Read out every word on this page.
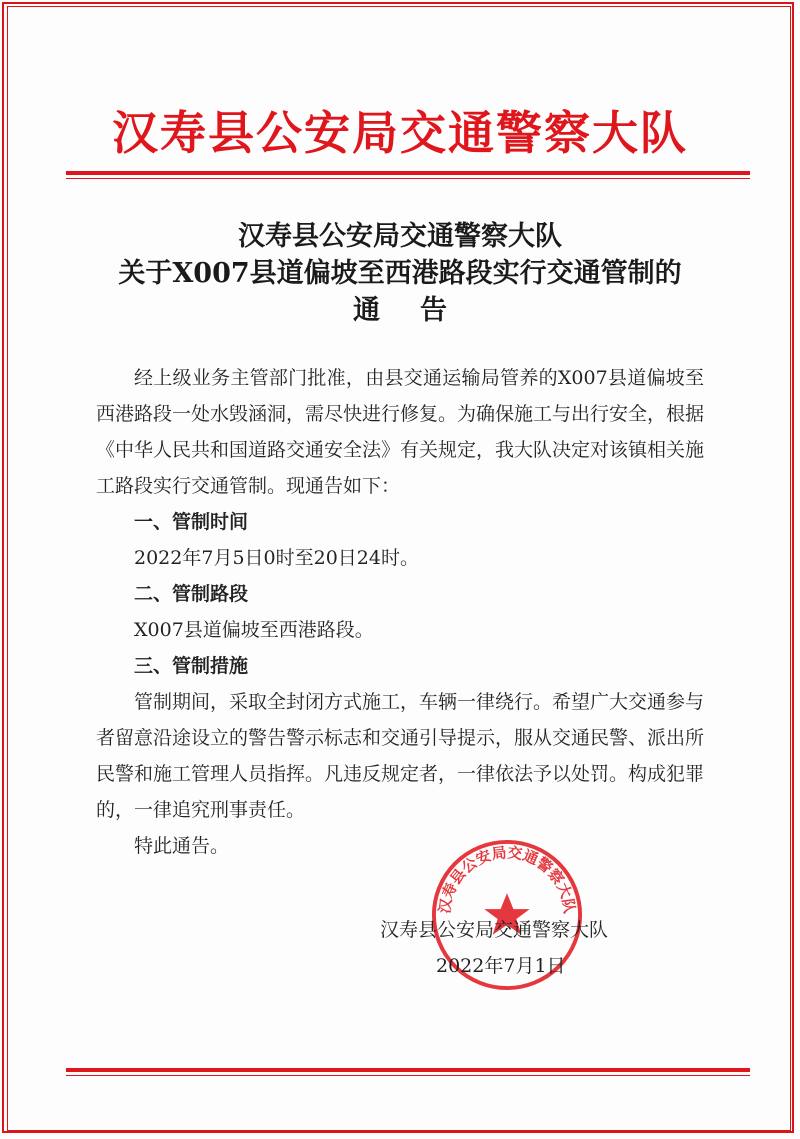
汉寿县公安局交通警察大队
汉寿县公安局交通警察大队
关于X007县道偏坡至西港路段实行交通管制的
通告

经上级业务主管部门批准，由县交通运输局管养的X007县道偏坡至西港路段一处水毁涵洞，需尽快进行修复。为确保施工与出行安全，根据《中华人民共和国道路交通安全法》有关规定，我大队决定对该镇相关施工路段实行交通管制。现通告如下：

一、管制时间

2022年7月5日0时至20日24时。

二、管制路段

X007县道偏坡至西港路段。

三、管制措施

管制期间，采取全封闭方式施工，车辆一律绕行。希望广大交通参与者留意沿途设立的警告警示标志和交通引导提示，服从交通民警、派出所民警和施工管理人员指挥。凡违反规定者，一律依法予以处罚。构成犯罪的，一律追究刑事责任。

特此通告。

汉寿县公安局交通警察大队
汉寿县公安局交通警察大队
2022年7月1日
